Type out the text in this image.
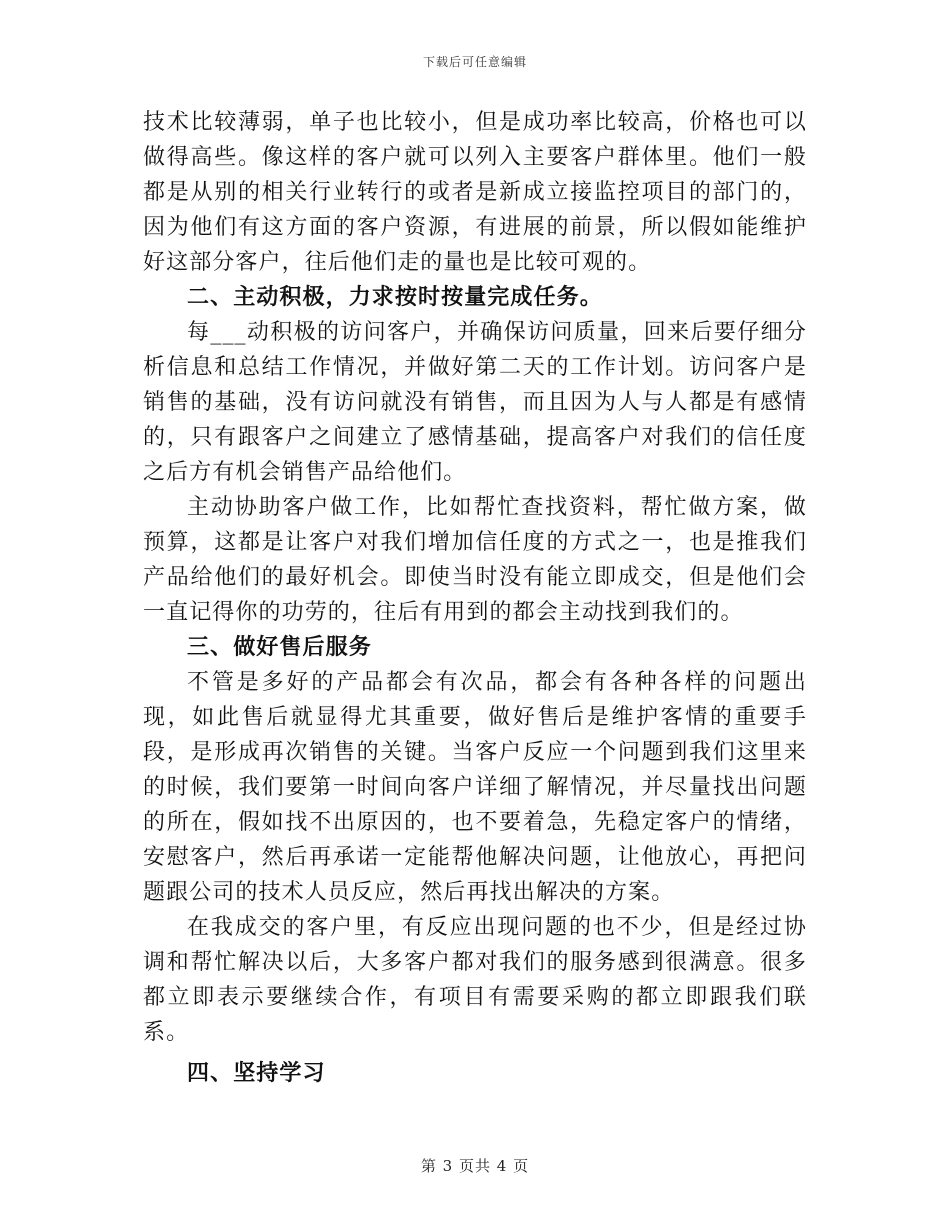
下载后可任意编辑

技术比较薄弱，单子也比较小，但是成功率比较高，价格也可以做得高些。像这样的客户就可以列入主要客户群体里。他们一般都是从别的相关行业转行的或者是新成立接监控项目的部门的，因为他们有这方面的客户资源，有进展的前景，所以假如能维护好这部分客户，往后他们走的量也是比较可观的。

二、主动积极，力求按时按量完成任务。

每___动积极的访问客户，并确保访问质量，回来后要仔细分析信息和总结工作情况，并做好第二天的工作计划。访问客户是销售的基础，没有访问就没有销售，而且因为人与人都是有感情的，只有跟客户之间建立了感情基础，提高客户对我们的信任度之后方有机会销售产品给他们。

主动协助客户做工作，比如帮忙查找资料，帮忙做方案，做预算，这都是让客户对我们增加信任度的方式之一，也是推我们产品给他们的最好机会。即使当时没有能立即成交，但是他们会一直记得你的功劳的，往后有用到的都会主动找到我们的。

三、做好售后服务

不管是多好的产品都会有次品，都会有各种各样的问题出现，如此售后就显得尤其重要，做好售后是维护客情的重要手段，是形成再次销售的关键。当客户反应一个问题到我们这里来的时候，我们要第一时间向客户详细了解情况，并尽量找出问题的所在，假如找不出原因的，也不要着急，先稳定客户的情绪，安慰客户，然后再承诺一定能帮他解决问题，让他放心，再把问题跟公司的技术人员反应，然后再找出解决的方案。

在我成交的客户里，有反应出现问题的也不少，但是经过协调和帮忙解决以后，大多客户都对我们的服务感到很满意。很多都立即表示要继续合作，有项目有需要采购的都立即跟我们联系。

四、坚持学习

第 3 页共 4 页
